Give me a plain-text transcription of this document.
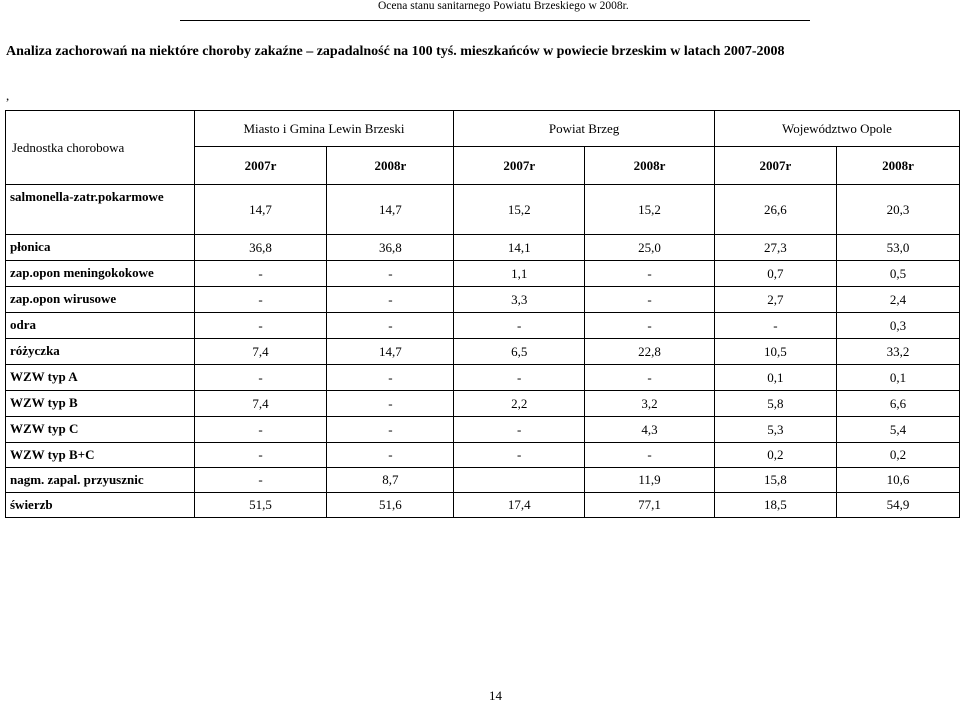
Ocena stanu sanitarnego Powiatu Brzeskiego w 2008r.
Analiza zachorowań na niektóre choroby zakaźne – zapadalność na 100 tyś. mieszkańców w powiecie brzeskim w latach 2007-2008
,
Jednostka chorobowa	Miasto i Gmina Lewin Brzeski		Powiat Brzeg		Województwo Opole	
	2007r	2008r	2007r	2008r	2007r	2008r
salmonella-zatr.pokarmowe	14,7	14,7	15,2	15,2	26,6	20,3
płonica	36,8	36,8	14,1	25,0	27,3	53,0
zap.opon meningokokowe	-	-	1,1	-	0,7	0,5
zap.opon wirusowe	-	-	3,3	-	2,7	2,4
odra	-	-	-	-	-	0,3
różyczka	7,4	14,7	6,5	22,8	10,5	33,2
WZW typ A	-	-	-	-	0,1	0,1
WZW typ B	7,4	-	2,2	3,2	5,8	6,6
WZW typ C	-	-	-	4,3	5,3	5,4
WZW typ B+C	-	-	-	-	0,2	0,2
nagm. zapal. przyusznic	-	8,7		11,9	15,8	10,6
świerzb	51,5	51,6	17,4	77,1	18,5	54,9
14
